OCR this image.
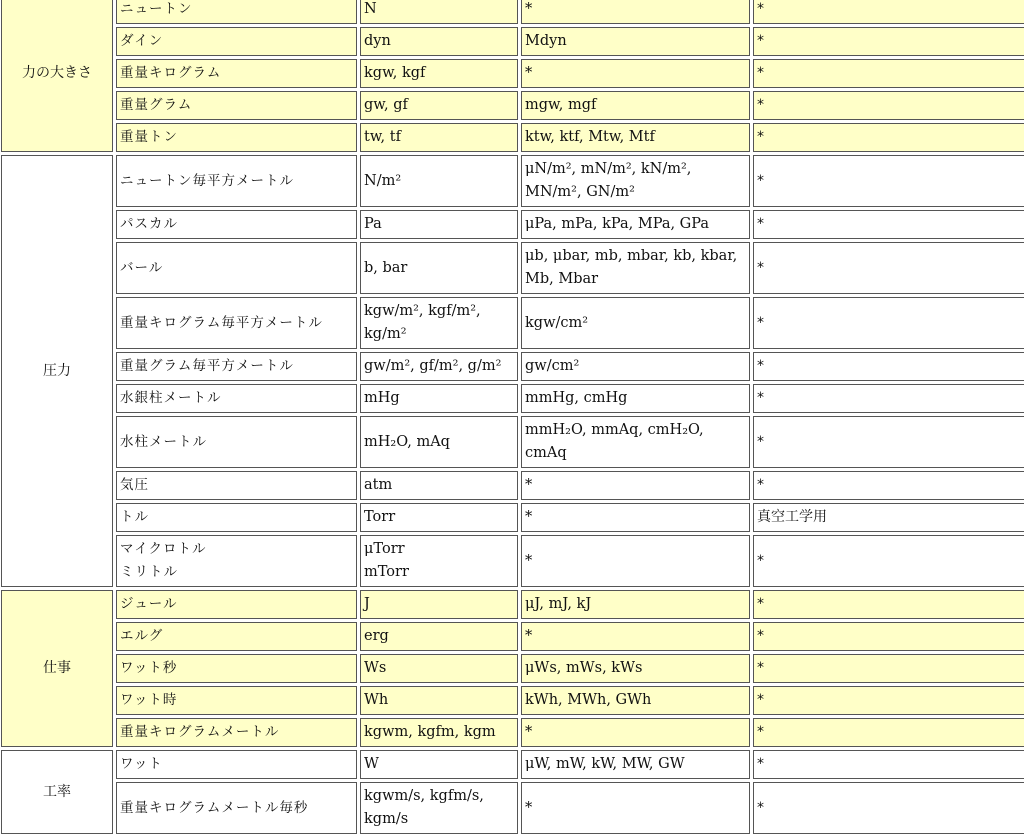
力の大きさ	ニュートン	N	*	*

	ダイン	dyn	Mdyn	*

	重量キログラム	kgw, kgf	*	*

	重量グラム	gw, gf	mgw, mgf	*

	重量トン	tw, tf	ktw, ktf, Mtw, Mtf	*

圧力	ニュートン毎平方メートル	N/m²	μN/m², mN/m², kN/m²,
MN/m², GN/m²	*

	パスカル	Pa	μPa, mPa, kPa, MPa, GPa	*

	バール	b, bar	μb, μbar, mb, mbar, kb, kbar,
Mb, Mbar	*

	重量キログラム毎平方メートル	kgw/m², kgf/m²,
kg/m²	kgw/cm²	*

	重量グラム毎平方メートル	gw/m², gf/m², g/m²	gw/cm²	*

	水銀柱メートル	mHg	mmHg, cmHg	*

	水柱メートル	mH₂O, mAq	mmH₂O, mmAq, cmH₂O,
cmAq	*

	気圧	atm	*	*

	トル	Torr	*	真空工学用

	マイクロトル
ミリトル	μTorr
mTorr	*	*

仕事	ジュール	J	μJ, mJ, kJ	*

	エルグ	erg	*	*

	ワット秒	Ws	μWs, mWs, kWs	*

	ワット時	Wh	kWh, MWh, GWh	*

	重量キログラムメートル	kgwm, kgfm, kgm	*	*

工率	ワット	W	μW, mW, kW, MW, GW	*

	重量キログラムメートル毎秒	kgwm/s, kgfm/s,
kgm/s	*	*
